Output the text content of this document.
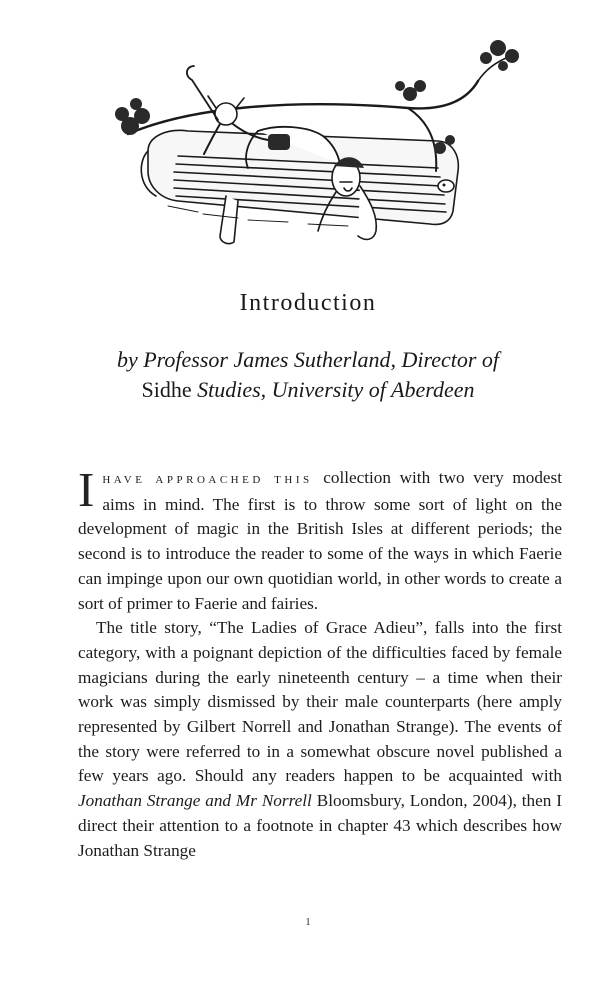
Introduction
by Professor James Sutherland, Director of
Sidhe Studies, University of Aberdeen

IHAVE APPROACHED THIS collection with two very modest aims in mind. The first is to throw some sort of light on the development of magic in the British Isles at different periods; the second is to introduce the reader to some of the ways in which Faerie can impinge upon our own quotidian world, in other words to create a sort of primer to Faerie and fairies.

The title story, “The Ladies of Grace Adieu”, falls into the first category, with a poignant depiction of the difficulties faced by female magicians during the early nineteenth century – a time when their work was simply dismissed by their male counterparts (here amply represented by Gilbert Norrell and Jonathan Strange). The events of the story were referred to in a somewhat obscure novel published a few years ago. Should any readers happen to be acquainted with Jonathan Strange and Mr Norrell Bloomsbury, London, 2004), then I direct their attention to a footnote in chapter 43 which describes how Jonathan Strange

1
